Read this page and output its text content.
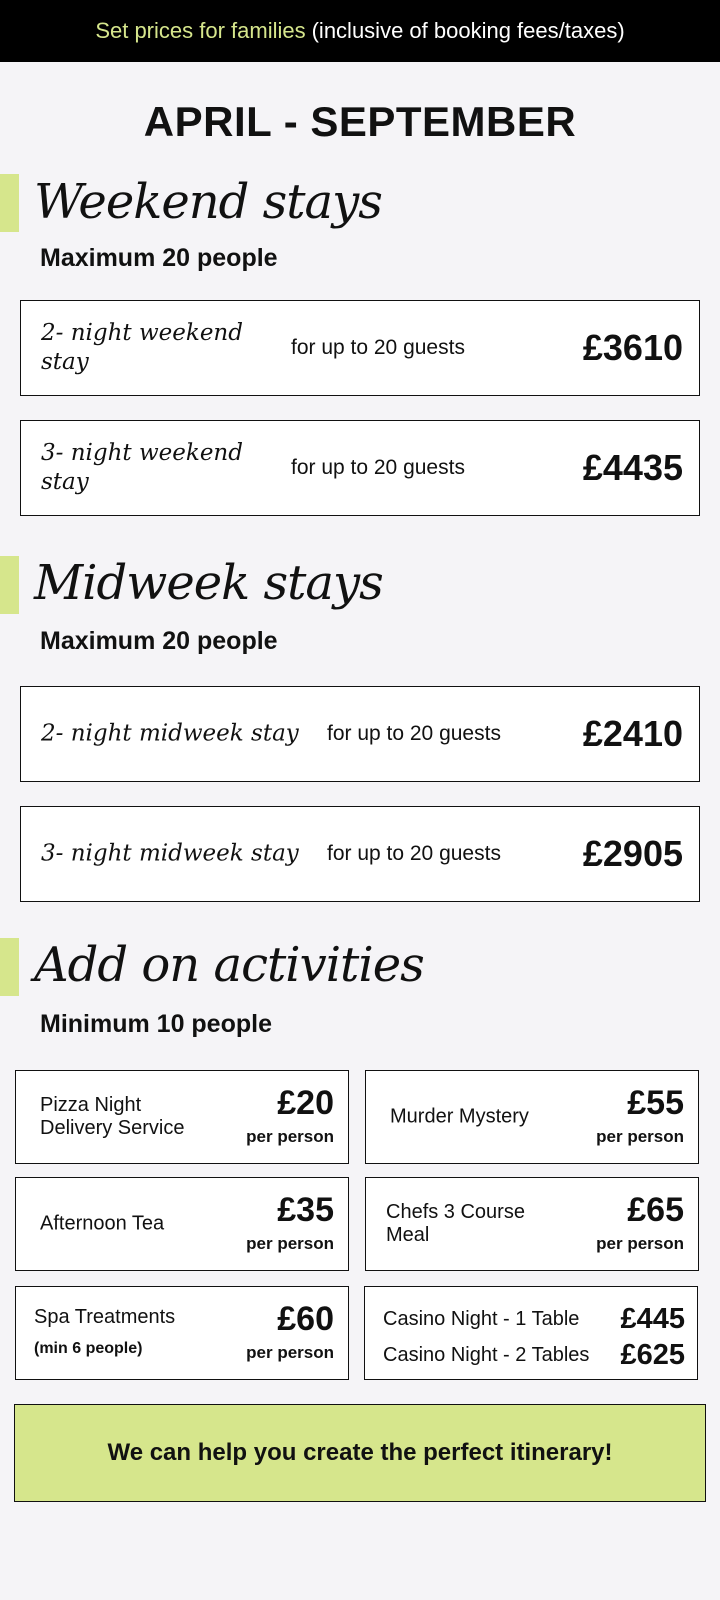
Set prices for families (inclusive of booking fees/taxes)
APRIL - SEPTEMBER
Weekend stays
Maximum 20 people
2- night weekend stay
for up to 20 guests	£3610
3- night weekend stay
for up to 20 guests	£4435
Midweek stays
Maximum 20 people
2- night midweek stay	for up to 20 guests £2410
3- night midweek stay	for up to 20 guests £2905
Add on activities
Minimum 10 people
Pizza Night Delivery Service
£20
per person
Murder Mystery	£55
per person
Afternoon Tea	£35
per person
Chefs 3 Course Meal
£65
per person
Spa Treatments
(min 6 people)
£60
per person
Casino Night - 1 Table £445
Casino Night - 2 Tables £625
We can help you create the perfect itinerary!
